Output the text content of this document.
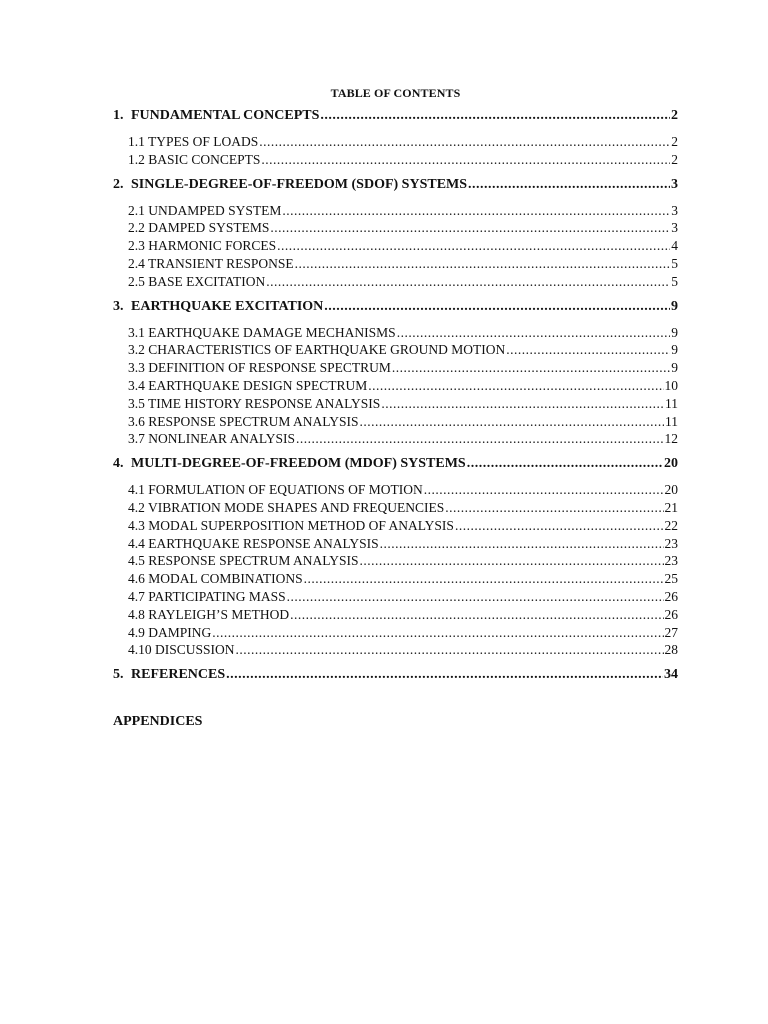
TABLE OF CONTENTS
1. FUNDAMENTAL CONCEPTS .....	2
1.1 TYPES OF LOADS .....	2
1.2 BASIC CONCEPTS .....	2
2. SINGLE-DEGREE-OF-FREEDOM (SDOF) SYSTEMS .....	3
2.1 UNDAMPED SYSTEM .....	3
2.2 DAMPED SYSTEMS .....	3
2.3 HARMONIC FORCES .....	4
2.4 TRANSIENT RESPONSE .....	5
2.5 BASE EXCITATION .....	5
3. EARTHQUAKE EXCITATION .....	9
3.1 EARTHQUAKE DAMAGE MECHANISMS .....	9
3.2 CHARACTERISTICS OF EARTHQUAKE GROUND MOTION .....	9
3.3 DEFINITION OF RESPONSE SPECTRUM .....	9
3.4 EARTHQUAKE DESIGN SPECTRUM .....	10
3.5 TIME HISTORY RESPONSE ANALYSIS .....	11
3.6 RESPONSE SPECTRUM ANALYSIS .....	11
3.7 NONLINEAR ANALYSIS .....	12
4. MULTI-DEGREE-OF-FREEDOM (MDOF) SYSTEMS .....	20
4.1 FORMULATION OF EQUATIONS OF MOTION .....	20
4.2 VIBRATION MODE SHAPES AND FREQUENCIES .....	21
4.3 MODAL SUPERPOSITION METHOD OF ANALYSIS .....	22
4.4 EARTHQUAKE RESPONSE ANALYSIS .....	23
4.5 RESPONSE SPECTRUM ANALYSIS .....	23
4.6 MODAL COMBINATIONS .....	25
4.7 PARTICIPATING MASS .....	26
4.8 RAYLEIGH’S METHOD .....	26
4.9 DAMPING .....	27
4.10 DISCUSSION .....	28
5. REFERENCES .....	34
APPENDICES
